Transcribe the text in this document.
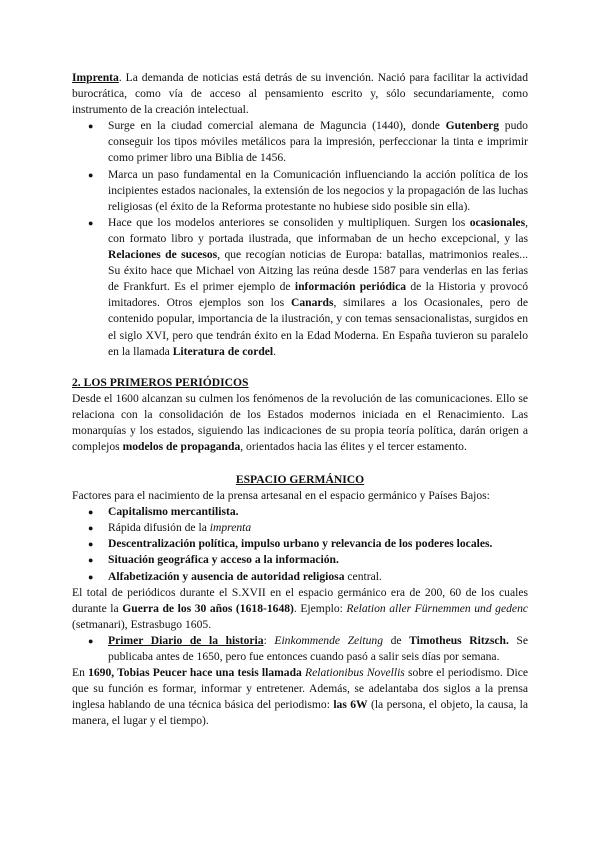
Imprenta. La demanda de noticias está detrás de su invención. Nació para facilitar la actividad burocrática, como vía de acceso al pensamiento escrito y, sólo secundariamente, como instrumento de la creación intelectual.

● Surge en la ciudad comercial alemana de Maguncia (1440), donde Gutenberg pudo conseguir los tipos móviles metálicos para la impresión, perfeccionar la tinta e imprimir como primer libro una Biblia de 1456.
● Marca un paso fundamental en la Comunicación influenciando la acción política de los incipientes estados nacionales, la extensión de los negocios y la propagación de las luchas religiosas (el éxito de la Reforma protestante no hubiese sido posible sin ella).
● Hace que los modelos anteriores se consoliden y multipliquen. Surgen los ocasionales, con formato libro y portada ilustrada, que informaban de un hecho excepcional, y las Relaciones de sucesos, que recogían noticias de Europa: batallas, matrimonios reales... Su éxito hace que Michael von Aitzing las reúna desde 1587 para venderlas en las ferias de Frankfurt. Es el primer ejemplo de información periódica de la Historia y provocó imitadores. Otros ejemplos son los Canards, similares a los Ocasionales, pero de contenido popular, importancia de la ilustración, y con temas sensacionalistas, surgidos en el siglo XVI, pero que tendrán éxito en la Edad Moderna. En España tuvieron su paralelo en la llamada Literatura de cordel.
2. LOS PRIMEROS PERIÓDICOS

Desde el 1600 alcanzan su culmen los fenómenos de la revolución de las comunicaciones. Ello se relaciona con la consolidación de los Estados modernos iniciada en el Renacimiento. Las monarquías y los estados, siguiendo las indicaciones de su propia teoría política, darán origen a complejos modelos de propaganda, orientados hacia las élites y el tercer estamento.

ESPACIO GERMÁNICO

Factores para el nacimiento de la prensa artesanal en el espacio germánico y Países Bajos:

● Capitalismo mercantilista.
● Rápida difusión de la imprenta
● Descentralización política, impulso urbano y relevancia de los poderes locales.
● Situación geográfica y acceso a la información.
● Alfabetización y ausencia de autoridad religiosa central.

El total de periódicos durante el S.XVII en el espacio germánico era de 200, 60 de los cuales durante la Guerra de los 30 años (1618-1648). Ejemplo: Relation aller Fürnemmen und gedenc (setmanari), Estrasbugo 1605.

● Primer Diario de la historia: Einkommende Zeitung de Timotheus Ritzsch. Se publicaba antes de 1650, pero fue entonces cuando pasó a salir seis días por semana.

En 1690, Tobias Peucer hace una tesis llamada Relationibus Novellis sobre el periodismo. Dice que su función es formar, informar y entretener. Además, se adelantaba dos siglos a la prensa inglesa hablando de una técnica básica del periodismo: las 6W (la persona, el objeto, la causa, la manera, el lugar y el tiempo).
